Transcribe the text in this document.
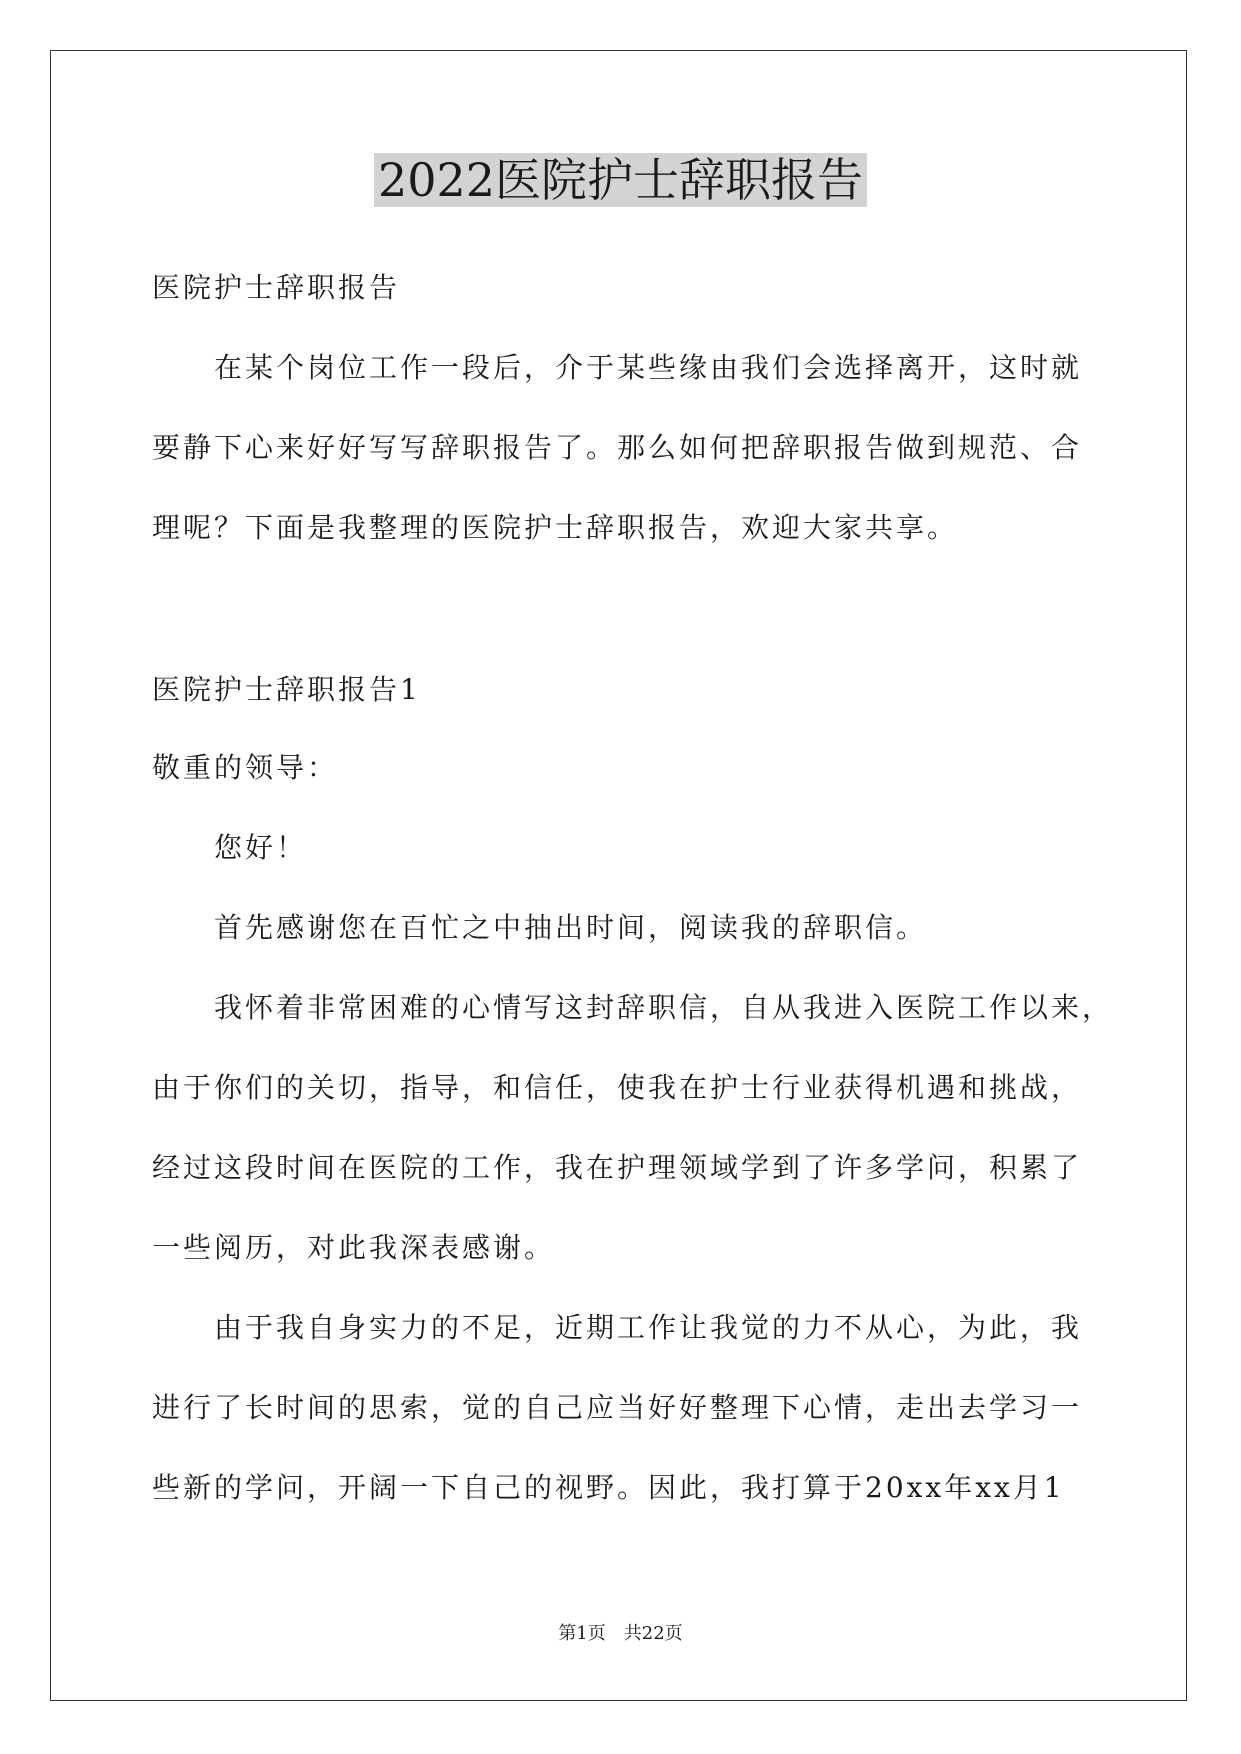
2022医院护士辞职报告
医院护士辞职报告
在某个岗位工作一段后，介于某些缘由我们会选择离开，这时就
要静下心来好好写写辞职报告了。那么如何把辞职报告做到规范、合
理呢？下面是我整理的医院护士辞职报告，欢迎大家共享。
医院护士辞职报告1
敬重的领导：
您好！
首先感谢您在百忙之中抽出时间，阅读我的辞职信。
我怀着非常困难的心情写这封辞职信，自从我进入医院工作以来，
由于你们的关切，指导，和信任，使我在护士行业获得机遇和挑战，
经过这段时间在医院的工作，我在护理领域学到了许多学问，积累了
一些阅历，对此我深表感谢。
由于我自身实力的不足，近期工作让我觉的力不从心，为此，我
进行了长时间的思索，觉的自己应当好好整理下心情，走出去学习一
些新的学问，开阔一下自己的视野。因此，我打算于20xx年xx月1
第1页 共22页
